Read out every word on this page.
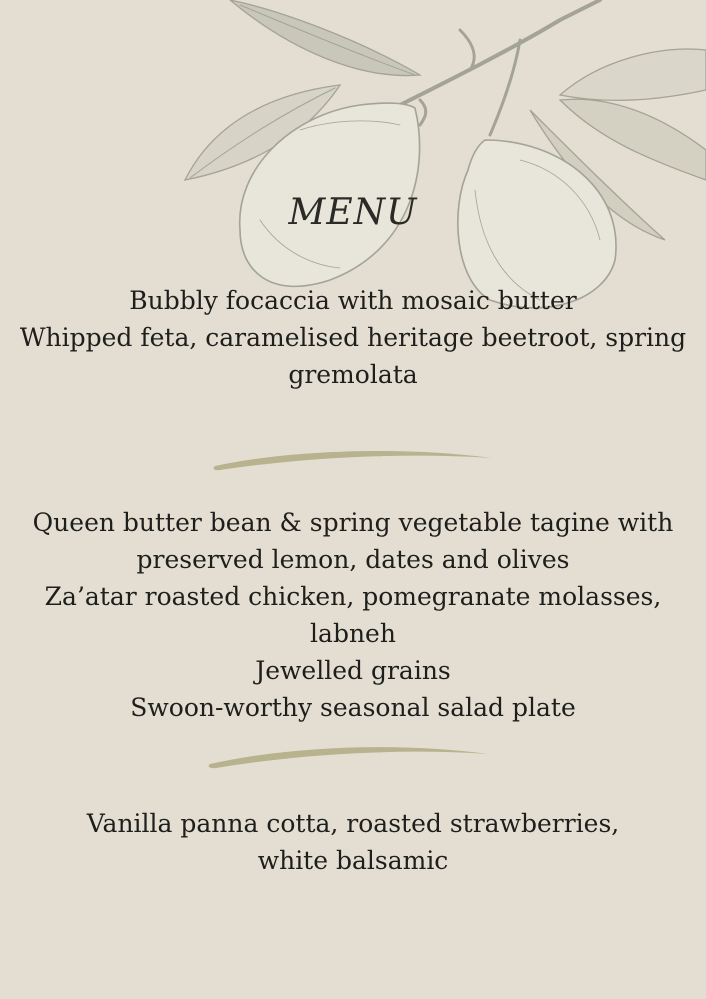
MENU

Bubbly focaccia with mosaic butter

Whipped feta, caramelised heritage beetroot, spring

gremolata

Queen butter bean & spring vegetable tagine with

preserved lemon, dates and olives

Za’atar roasted chicken, pomegranate molasses, labneh

Jewelled grains

Swoon-worthy seasonal salad plate

Vanilla panna cotta, roasted strawberries,

white balsamic
